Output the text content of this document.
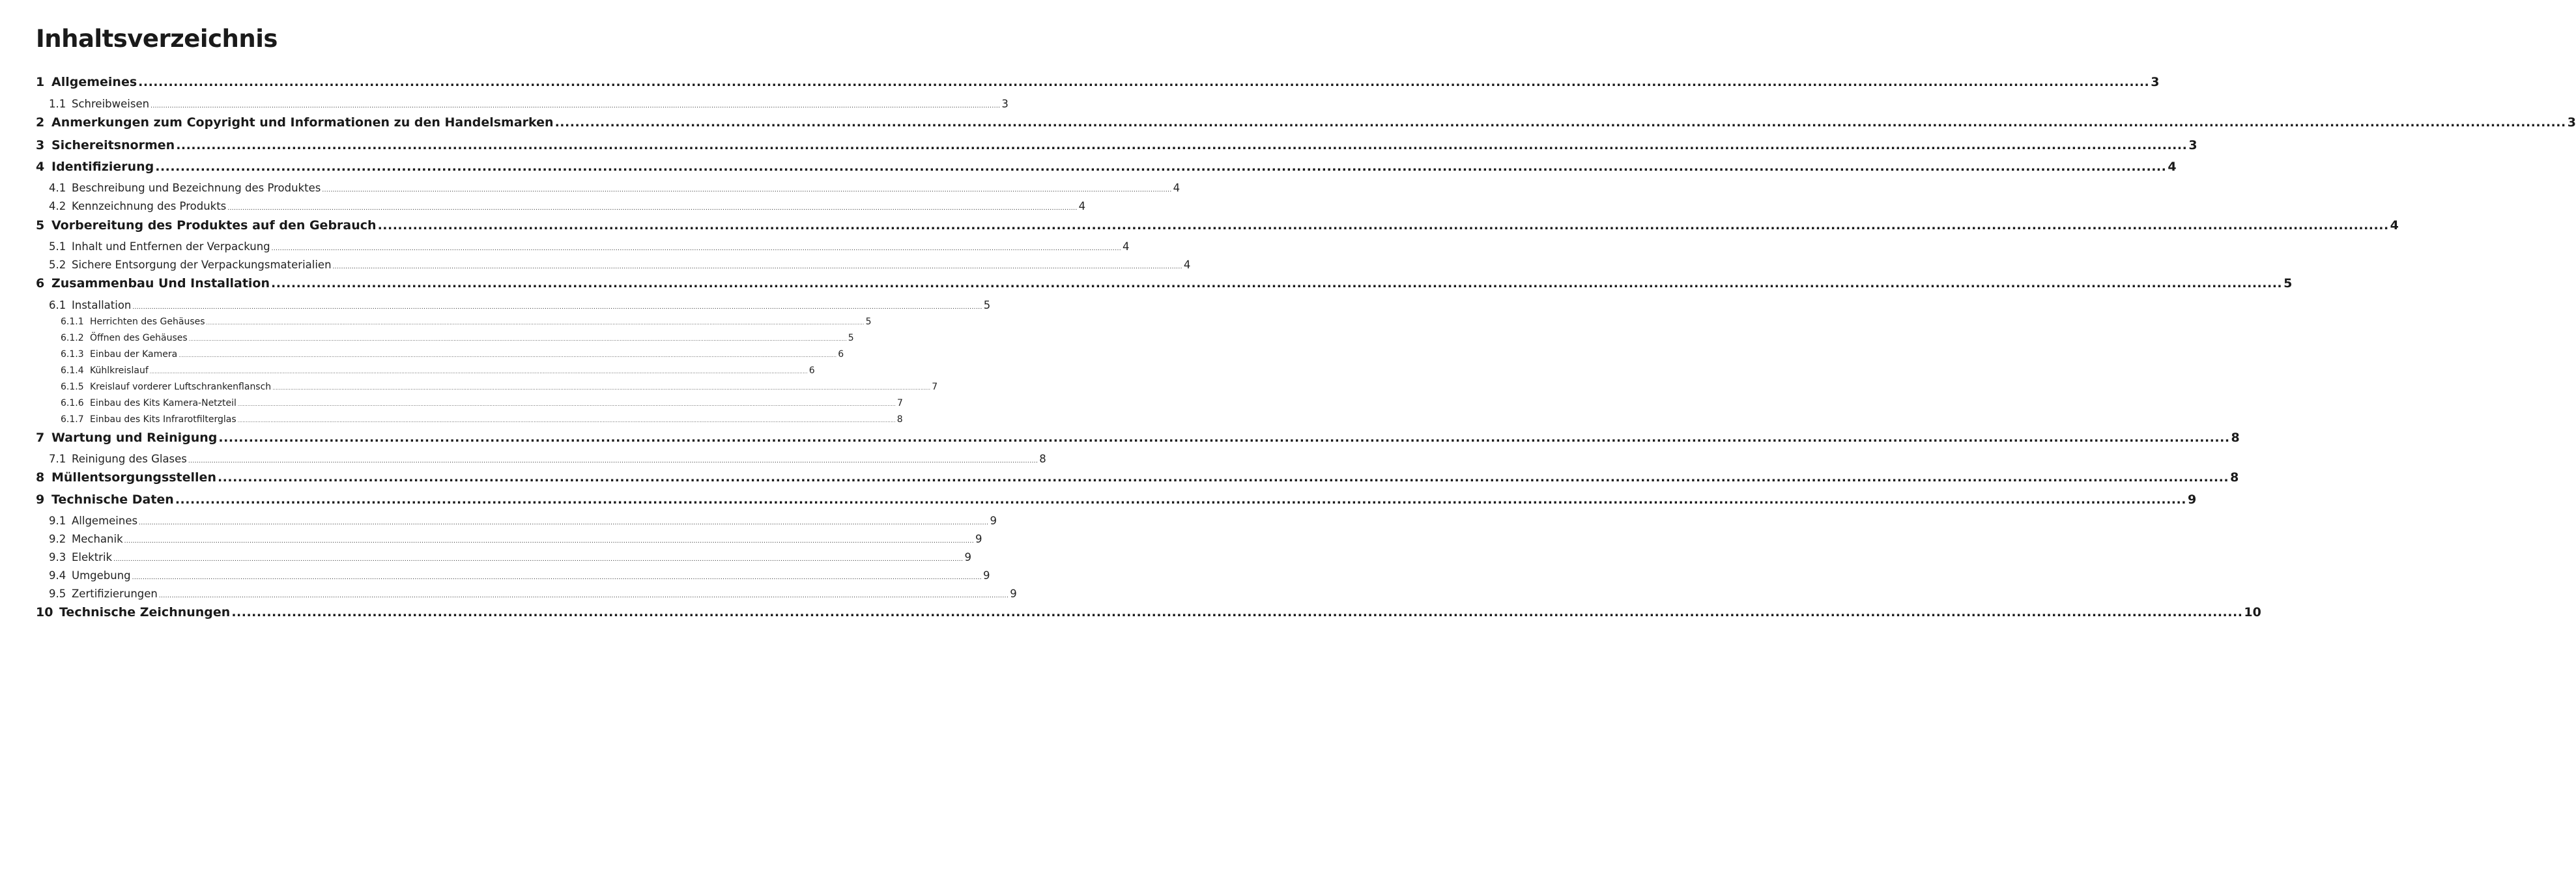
Inhaltsverzeichnis
1 Allgemeines ................................................................................................................................................................................................................................................................................................................................................................................................................ 3
1.1 Schreibweisen ................................................................................................................................................................................................................................................................................................................................................................................................................ 3
2 Anmerkungen zum Copyright und Informationen zu den Handelsmarken ................................................................................................................................................................................................................................................................................................................................................................................................................ 3
3 Sichereitsnormen ................................................................................................................................................................................................................................................................................................................................................................................................................ 3
4 Identifizierung ................................................................................................................................................................................................................................................................................................................................................................................................................ 4
4.1 Beschreibung und Bezeichnung des Produktes ................................................................................................................................................................................................................................................................................................................................................................................................................ 4
4.2 Kennzeichnung des Produkts ................................................................................................................................................................................................................................................................................................................................................................................................................ 4
5 Vorbereitung des Produktes auf den Gebrauch ................................................................................................................................................................................................................................................................................................................................................................................................................ 4
5.1 Inhalt und Entfernen der Verpackung ................................................................................................................................................................................................................................................................................................................................................................................................................ 4
5.2 Sichere Entsorgung der Verpackungsmaterialien ................................................................................................................................................................................................................................................................................................................................................................................................................ 4
6 Zusammenbau Und Installation ................................................................................................................................................................................................................................................................................................................................................................................................................ 5
6.1 Installation ................................................................................................................................................................................................................................................................................................................................................................................................................ 5
6.1.1 Herrichten des Gehäuses ................................................................................................................................................................................................................................................................................................................................................................................................................ 5
6.1.2 Öffnen des Gehäuses ................................................................................................................................................................................................................................................................................................................................................................................................................ 5
6.1.3 Einbau der Kamera ................................................................................................................................................................................................................................................................................................................................................................................................................ 6
6.1.4 Kühlkreislauf ................................................................................................................................................................................................................................................................................................................................................................................................................ 6
6.1.5 Kreislauf vorderer Luftschrankenflansch ................................................................................................................................................................................................................................................................................................................................................................................................................ 7
6.1.6 Einbau des Kits Kamera-Netzteil ................................................................................................................................................................................................................................................................................................................................................................................................................ 7
6.1.7 Einbau des Kits Infrarotfilterglas ................................................................................................................................................................................................................................................................................................................................................................................................................ 8
7 Wartung und Reinigung ................................................................................................................................................................................................................................................................................................................................................................................................................ 8
7.1 Reinigung des Glases ................................................................................................................................................................................................................................................................................................................................................................................................................ 8
8 Müllentsorgungsstellen ................................................................................................................................................................................................................................................................................................................................................................................................................ 8
9 Technische Daten ................................................................................................................................................................................................................................................................................................................................................................................................................ 9
9.1 Allgemeines ................................................................................................................................................................................................................................................................................................................................................................................................................ 9
9.2 Mechanik ................................................................................................................................................................................................................................................................................................................................................................................................................ 9
9.3 Elektrik ................................................................................................................................................................................................................................................................................................................................................................................................................ 9
9.4 Umgebung ................................................................................................................................................................................................................................................................................................................................................................................................................ 9
9.5 Zertifizierungen ................................................................................................................................................................................................................................................................................................................................................................................................................ 9
10 Technische Zeichnungen ................................................................................................................................................................................................................................................................................................................................................................................................................ 10
